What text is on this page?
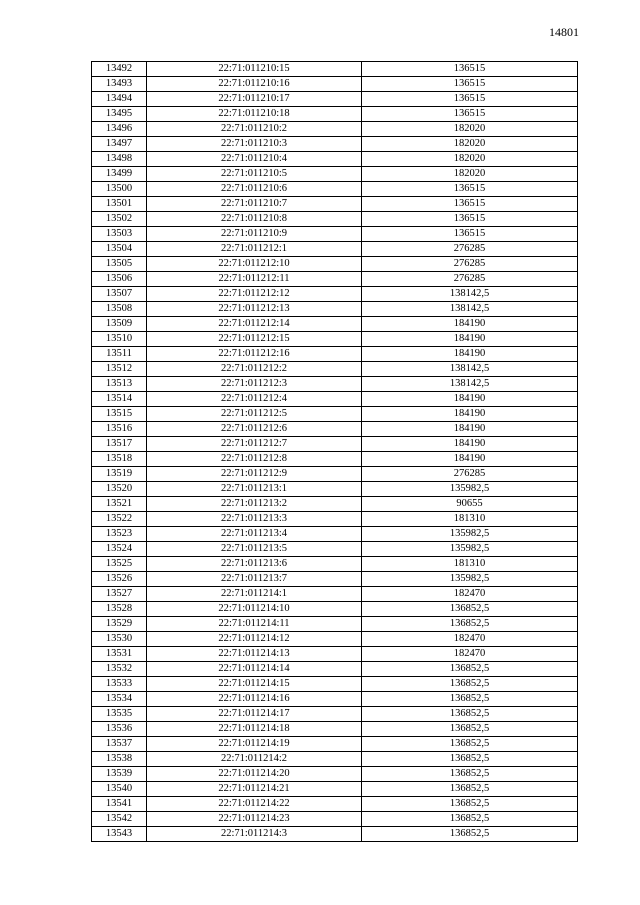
14801
13492	22:71:011210:15	136515
13493	22:71:011210:16	136515
13494	22:71:011210:17	136515
13495	22:71:011210:18	136515
13496	22:71:011210:2	182020
13497	22:71:011210:3	182020
13498	22:71:011210:4	182020
13499	22:71:011210:5	182020
13500	22:71:011210:6	136515
13501	22:71:011210:7	136515
13502	22:71:011210:8	136515
13503	22:71:011210:9	136515
13504	22:71:011212:1	276285
13505	22:71:011212:10	276285
13506	22:71:011212:11	276285
13507	22:71:011212:12	138142,5
13508	22:71:011212:13	138142,5
13509	22:71:011212:14	184190
13510	22:71:011212:15	184190
13511	22:71:011212:16	184190
13512	22:71:011212:2	138142,5
13513	22:71:011212:3	138142,5
13514	22:71:011212:4	184190
13515	22:71:011212:5	184190
13516	22:71:011212:6	184190
13517	22:71:011212:7	184190
13518	22:71:011212:8	184190
13519	22:71:011212:9	276285
13520	22:71:011213:1	135982,5
13521	22:71:011213:2	90655
13522	22:71:011213:3	181310
13523	22:71:011213:4	135982,5
13524	22:71:011213:5	135982,5
13525	22:71:011213:6	181310
13526	22:71:011213:7	135982,5
13527	22:71:011214:1	182470
13528	22:71:011214:10	136852,5
13529	22:71:011214:11	136852,5
13530	22:71:011214:12	182470
13531	22:71:011214:13	182470
13532	22:71:011214:14	136852,5
13533	22:71:011214:15	136852,5
13534	22:71:011214:16	136852,5
13535	22:71:011214:17	136852,5
13536	22:71:011214:18	136852,5
13537	22:71:011214:19	136852,5
13538	22:71:011214:2	136852,5
13539	22:71:011214:20	136852,5
13540	22:71:011214:21	136852,5
13541	22:71:011214:22	136852,5
13542	22:71:011214:23	136852,5
13543	22:71:011214:3	136852,5
